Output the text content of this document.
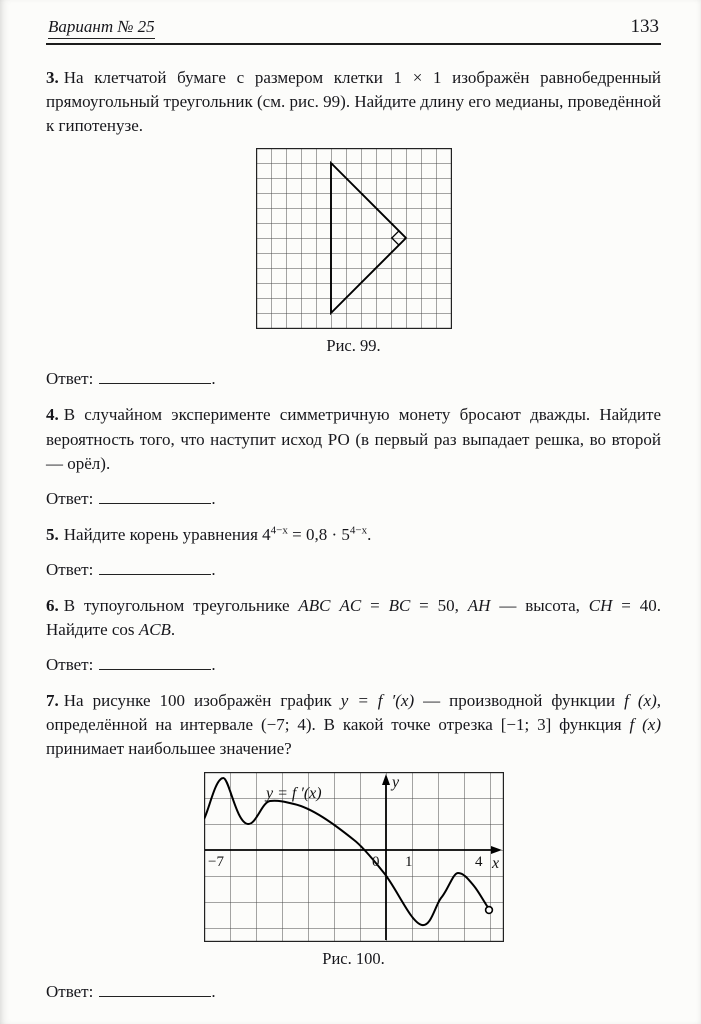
Вариант № 25	133

3. На клетчатой бумаге с размером клетки 1 × 1 изображён равнобедренный прямоугольный треугольник (см. рис. 99). Найдите длину его медианы, проведённой к гипотенузе.

Рис. 99.

Ответ:	.

4. В случайном эксперименте симметричную монету бросают дважды. Найдите вероятность того, что наступит исход РО (в первый раз выпадает решка, во второй — орёл).

Ответ:	.

5. Найдите корень уравнения $4^{4-x} = 0,8 \cdot 5^{4-x}$.

Ответ:	.

6. В тупоугольном треугольнике ABC AC = BC = 50, AH — высота, CH = 40. Найдите cos ACB.

Ответ:	.

7. На рисунке 100 изображён график y = f ′(x) — производной функции f (x), определённой на интервале (−7; 4). В какой точке отрезка [−1; 3] функция f (x) принимает наибольшее значение?

y = f ′(x)
y
x
−7	0 1	4
Рис. 100.

Ответ:	.
